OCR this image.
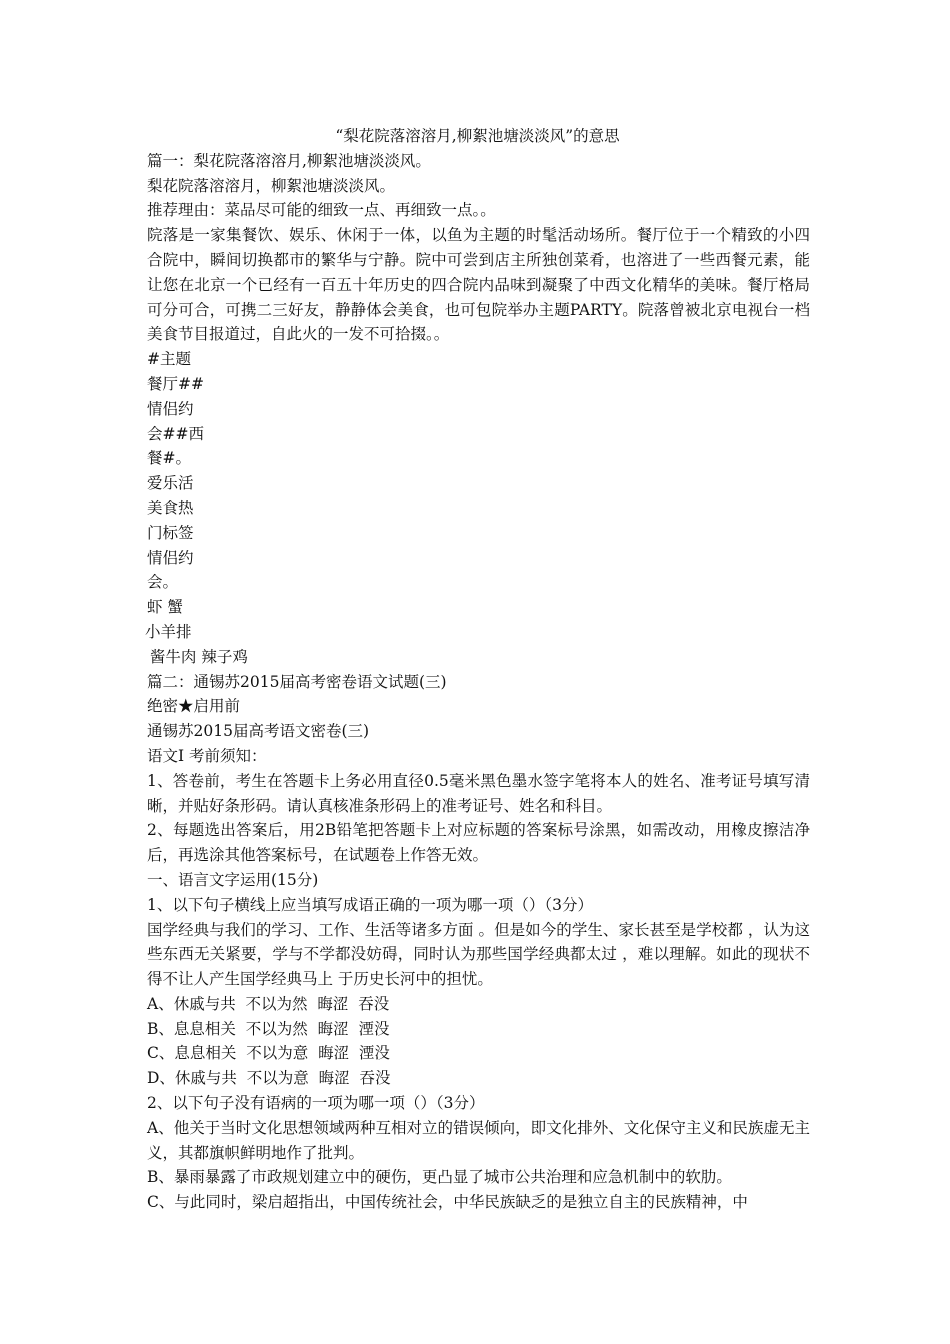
“梨花院落溶溶月,柳絮池塘淡淡风”的意思

篇一：梨花院落溶溶月,柳絮池塘淡淡风。

梨花院落溶溶月，柳絮池塘淡淡风。

推荐理由：菜品尽可能的细致一点、再细致一点。。

院落是一家集餐饮、娱乐、休闲于一体，以鱼为主题的时髦活动场所。餐厅位于一个精致的小四合院中，瞬间切换都市的繁华与宁静。院中可尝到店主所独创菜肴，也溶进了一些西餐元素，能让您在北京一个已经有一百五十年历史的四合院内品味到凝聚了中西文化精华的美味。餐厅格局可分可合，可携二三好友，静静体会美食，也可包院举办主题PARTY。院落曾被北京电视台一档美食节目报道过，自此火的一发不可拾掇。。

#主题

餐厅##

情侣约

会##西

餐#。

爱乐活

美食热

门标签

情侣约

会。

虾 蟹

小羊排

酱牛肉 辣子鸡

篇二：通锡苏2015届高考密卷语文试题(三)

绝密★启用前

通锡苏2015届高考语文密卷(三)

语文Ⅰ 考前须知：

1、答卷前，考生在答题卡上务必用直径0.5毫米黑色墨水签字笔将本人的姓名、准考证号填写清晰，并贴好条形码。请认真核准条形码上的准考证号、姓名和科目。

2、每题选出答案后，用2B铅笔把答题卡上对应标题的答案标号涂黑，如需改动，用橡皮擦洁净后，再选涂其他答案标号，在试题卷上作答无效。

一、语言文字运用(15分)

1、以下句子横线上应当填写成语正确的一项为哪一项（）（3分）

国学经典与我们的学习、工作、生活等诸多方面 。但是如今的学生、家长甚至是学校都 ，认为这些东西无关紧要，学与不学都没妨碍，同时认为那些国学经典都太过 ，难以理解。如此的现状不得不让人产生国学经典马上 于历史长河中的担忧。

A、休戚与共  不以为然  晦涩  吞没

B、息息相关  不以为然  晦涩  湮没

C、息息相关  不以为意  晦涩  湮没

D、休戚与共  不以为意  晦涩  吞没

2、以下句子没有语病的一项为哪一项（）（3分）

A、他关于当时文化思想领域两种互相对立的错误倾向，即文化排外、文化保守主义和民族虚无主义，其都旗帜鲜明地作了批判。

B、暴雨暴露了市政规划建立中的硬伤，更凸显了城市公共治理和应急机制中的软肋。

C、与此同时，梁启超指出，中国传统社会，中华民族缺乏的是独立自主的民族精神，中
